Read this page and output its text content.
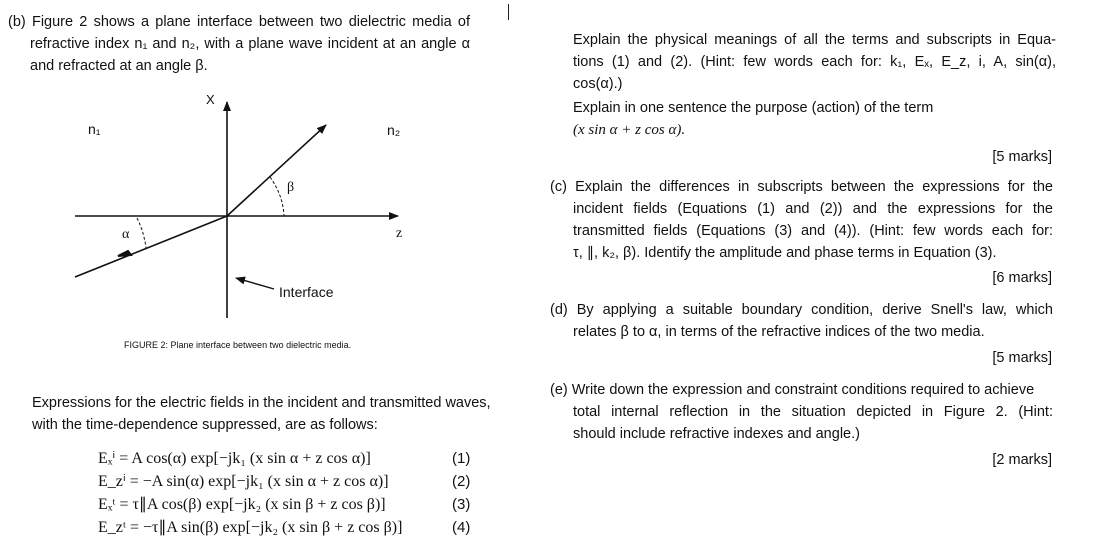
(b) Figure 2 shows a plane interface between two dielectric media of
refractive index n₁ and n₂, with a plane wave incident at an angle α
and refracted at an angle β.
X
z
n₁	n₂
β
α
Interface
FIGURE 2: Plane interface between two dielectric media.
Expressions for the electric fields in the incident and transmitted waves,
with the time-dependence suppressed, are as follows:
Eₓⁱ = A cos(α) exp[−jk₁ (x sin α + z cos α)]	(1)
E_zⁱ = −A sin(α) exp[−jk₁ (x sin α + z cos α)]	(2)
Eₓᵗ = τ∥A cos(β) exp[−jk₂ (x sin β + z cos β)]	(3)
E_zᵗ = −τ∥A sin(β) exp[−jk₂ (x sin β + z cos β)]	(4)
Explain the physical meanings of all the terms and subscripts in Equa-
tions (1) and (2). (Hint: few words each for: k₁, Eₓ, E_z, i, A, sin(α),
cos(α).)
Explain in one sentence the purpose (action) of the term
(x sin α + z cos α).
[5 marks]
(c) Explain the differences in subscripts between the expressions for the
incident fields (Equations (1) and (2)) and the expressions for the
transmitted fields (Equations (3) and (4)). (Hint: few words each for:
τ, ∥, k₂, β). Identify the amplitude and phase terms in Equation (3).
[6 marks]
(d) By applying a suitable boundary condition, derive Snell's law, which
relates β to α, in terms of the refractive indices of the two media.
[5 marks]
(e) Write down the expression and constraint conditions required to achieve
total internal reflection in the situation depicted in Figure 2. (Hint:
should include refractive indexes and angle.)
[2 marks]
